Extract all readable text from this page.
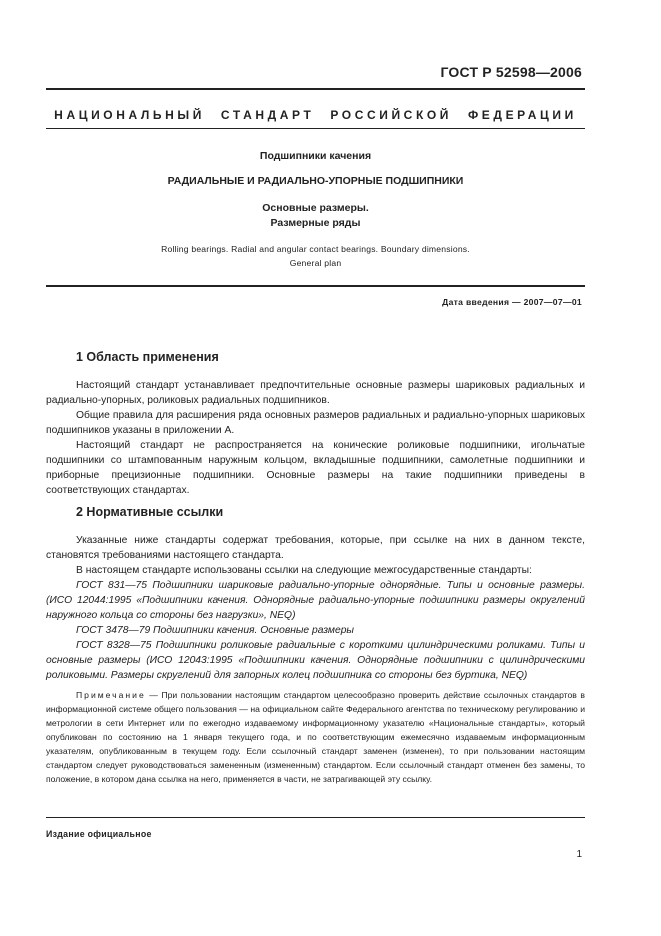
ГОСТ Р 52598—2006
НАЦИОНАЛЬНЫЙ СТАНДАРТ РОССИЙСКОЙ ФЕДЕРАЦИИ
Подшипники качения
РАДИАЛЬНЫЕ И РАДИАЛЬНО-УПОРНЫЕ ПОДШИПНИКИ
Основные размеры.
Размерные ряды
Rolling bearings. Radial and angular contact bearings. Boundary dimensions.
General plan
Дата введения — 2007—07—01
1 Область применения

Настоящий стандарт устанавливает предпочтительные основные размеры шариковых радиальных и радиально-упорных, роликовых радиальных подшипников.

Общие правила для расширения ряда основных размеров радиальных и радиально-упорных шариковых подшипников указаны в приложении А.

Настоящий стандарт не распространяется на конические роликовые подшипники, игольчатые подшипники со штампованным наружным кольцом, вкладышные подшипники, самолетные подшипники и приборные прецизионные подшипники. Основные размеры на такие подшипники приведены в соответствующих стандартах.

2 Нормативные ссылки

Указанные ниже стандарты содержат требования, которые, при ссылке на них в данном тексте, становятся требованиями настоящего стандарта.

В настоящем стандарте использованы ссылки на следующие межгосударственные стандарты:

ГОСТ 831—75 Подшипники шариковые радиально-упорные однорядные. Типы и основные размеры. (ИСО 12044:1995 «Подшипники качения. Однорядные радиально-упорные подшипники размеры округлений наружного кольца со стороны без нагрузки», NEQ)

ГОСТ 3478—79 Подшипники качения. Основные размеры

ГОСТ 8328—75 Подшипники роликовые радиальные с короткими цилиндрическими роликами. Типы и основные размеры (ИСО 12043:1995 «Подшипники качения. Однорядные подшипники с цилиндрическими роликовыми. Размеры скруглений для запорных колец подшипника со стороны без буртика, NEQ)

Примечание — При пользовании настоящим стандартом целесообразно проверить действие ссылочных стандартов в информационной системе общего пользования — на официальном сайте Федерального агентства по техническому регулированию и метрологии в сети Интернет или по ежегодно издаваемому информационному указателю «Национальные стандарты», который опубликован по состоянию на 1 января текущего года, и по соответствующим ежемесячно издаваемым информационным указателям, опубликованным в текущем году. Если ссылочный стандарт заменен (изменен), то при пользовании настоящим стандартом следует руководствоваться замененным (измененным) стандартом. Если ссылочный стандарт отменен без замены, то положение, в котором дана ссылка на него, применяется в части, не затрагивающей эту ссылку.

Издание официальное
1
